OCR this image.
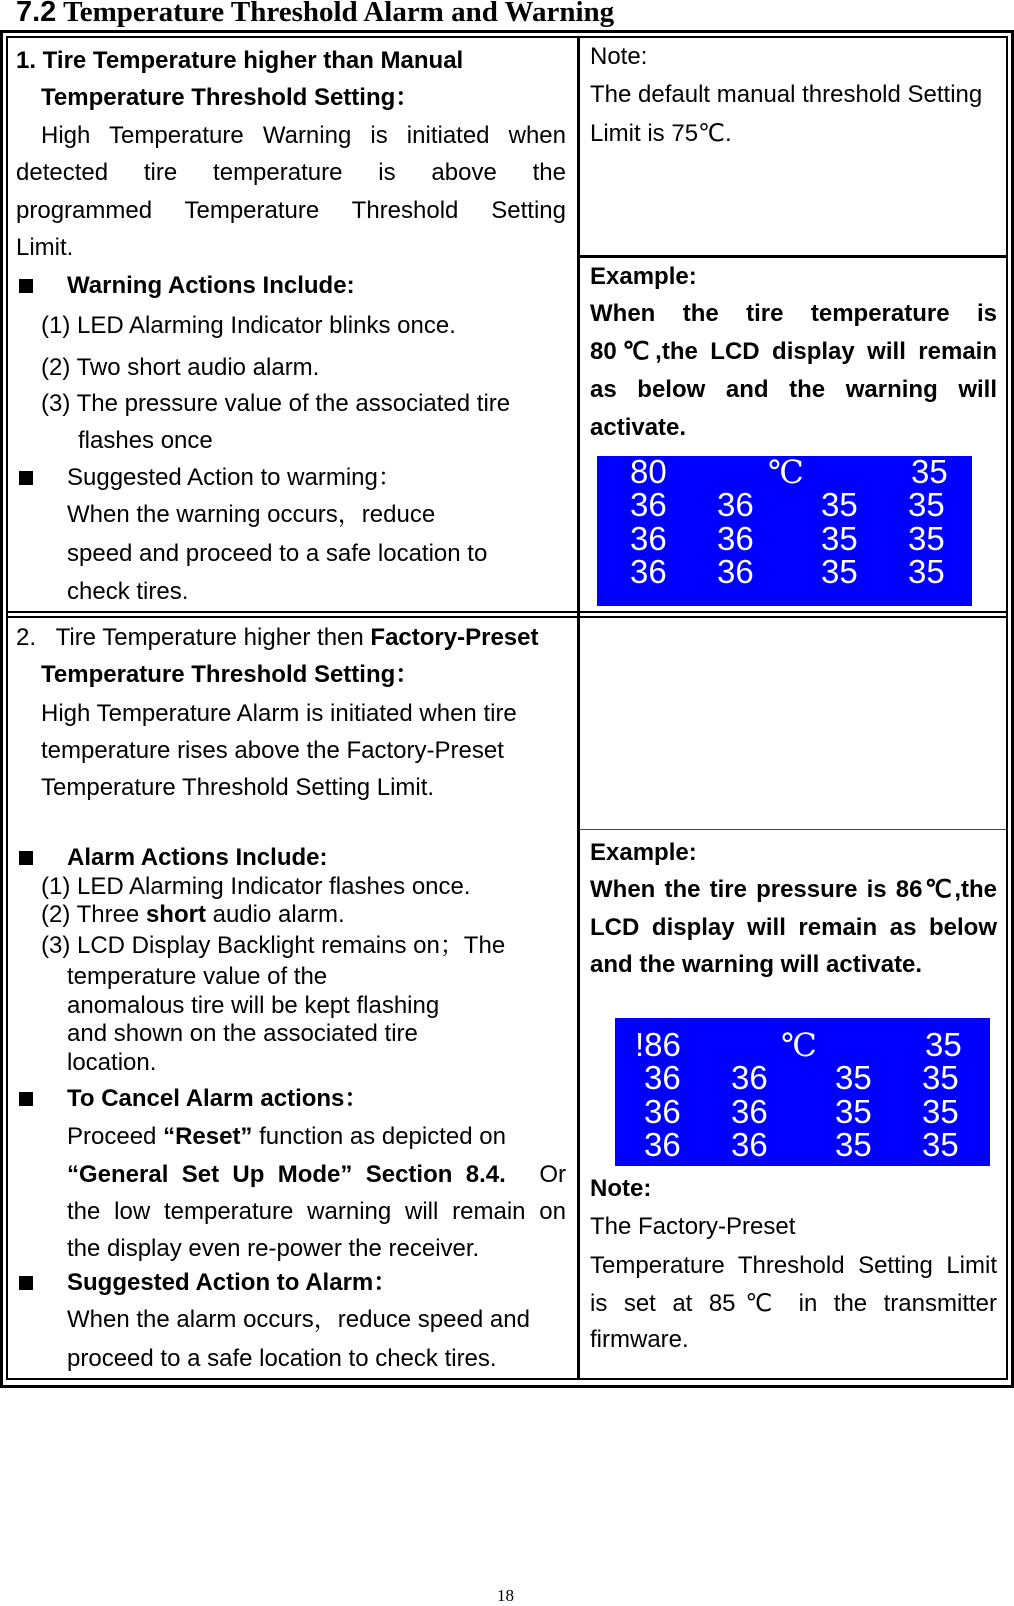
7.2 Temperature Threshold Alarm and Warning
1. Tire Temperature higher than Manual
Temperature Threshold Setting：
High Temperature Warning is initiated when
detected tire temperature is above the
programmed Temperature Threshold Setting
Limit.
Warning Actions Include:
(1) LED Alarming Indicator blinks once.
(2) Two short audio alarm.
(3) The pressure value of the associated tire
flashes once
Suggested Action to warming：
When the warning occurs，reduce
speed and proceed to a safe location to
check tires.
Note:
The default manual threshold Setting
Limit is 75℃.
Example:
When the tire temperature is
80℃,the LCD display will remain
as below and the warning will
activate.
80	℃	35
36 36 35 35
36 36 35 35
36 36 35 35
2.   Tire Temperature higher then Factory-Preset
Temperature Threshold Setting：
High Temperature Alarm is initiated when tire
temperature rises above the Factory-Preset
Temperature Threshold Setting Limit.
Alarm Actions Include:
(1) LED Alarming Indicator flashes once.
(2) Three short audio alarm.
(3) LCD Display Backlight remains on；The
temperature value of the
anomalous tire will be kept flashing
and shown on the associated tire
location.
To Cancel Alarm actions：
Proceed “Reset” function as depicted on
“General  Set  Up  Mode”  Section  8.4. Or
the low temperature warning will remain on
the display even re-power the receiver.
Suggested Action to Alarm：
When the alarm occurs，reduce speed and
proceed to a safe location to check tires.
Example:
When the tire pressure is 86℃,the
LCD display will remain as below
and the warning will activate.
!86	℃	35
36 36 35 35
36 36 35 35
36 36 35 35
Note:
The Factory-Preset
Temperature Threshold Setting Limit
is set at 85℃ in the transmitter
firmware.
18
